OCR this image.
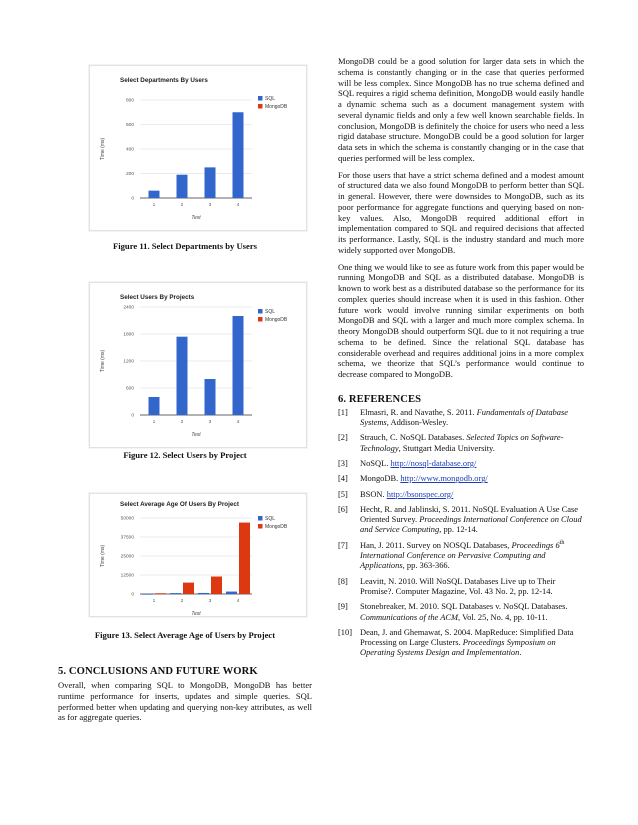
Select Departments By Users
0
200
400
600
800
1	2	3	4
Test
Time (ms)
SQL
MongoDB
Figure 11. Select Departments by Users
Select Users By Projects
0
600
1200
1800
2400
1	2	3	4
Test
Time (ms)
SQL
MongoDB
Figure 12. Select Users by Project
Select Average Age Of Users By Project
0
12500
25000
37500
50000
1	2	3	4
Test
Time (ms)
SQL
MongoDB
Figure 13. Select Average Age of Users by Project
5. CONCLUSIONS AND FUTURE WORK

Overall, when comparing SQL to MongoDB, MongoDB has better runtime performance for inserts, updates and simple queries. SQL performed better when updating and querying non-key attributes, as well as for aggregate queries.

MongoDB could be a good solution for larger data sets in which the schema is constantly changing or in the case that queries performed will be less complex. Since MongoDB has no true schema defined and SQL requires a rigid schema definition, MongoDB would easily handle a dynamic schema such as a document management system with several dynamic fields and only a few well known searchable fields. In conclusion, MongoDB is definitely the choice for users who need a less rigid database structure. MongoDB could be a good solution for larger data sets in which the schema is constantly changing or in the case that queries performed will be less complex.

For those users that have a strict schema defined and a modest amount of structured data we also found MongoDB to perform better than SQL in general. However, there were downsides to MongoDB, such as its poor performance for aggregate functions and querying based on non-key values. Also, MongoDB required additional effort in implementation compared to SQL and required decisions that affected its performance. Lastly, SQL is the industry standard and much more widely supported over MongoDB.

One thing we would like to see as future work from this paper would be running MongoDB and SQL as a distributed database. MongoDB is known to work best as a distributed database so the performance for its complex queries should increase when it is used in this fashion. Other future work would involve running similar experiments on both MongoDB and SQL with a larger and much more complex schema. In theory MongoDB should outperform SQL due to it not requiring a true schema to be defined. Since the relational SQL database has considerable overhead and requires additional joins in a more complex schema, we theorize that SQL’s performance would continue to decrease compared to MongoDB.

6. REFERENCES
[1]	Elmasri, R. and Navathe, S. 2011. Fundamentals of Database Systems, Addison-Wesley.
[2]	Strauch, C. NoSQL Databases. Selected Topics on Software-Technology, Stuttgart Media University.
[3]	NoSQL. http://nosql-database.org/
[4]	MongoDB. http://www.mongodb.org/
[5]	BSON. http://bsonspec.org/
[6]	Hecht, R. and Jablinski, S. 2011. NoSQL Evaluation A Use Case Oriented Survey. Proceedings International Conference on Cloud and Service Computing, pp. 12-14.
[7]	Han, J. 2011. Survey on NOSQL Databases, Proceedings 6th International Conference on Pervasive Computing and Applications, pp. 363-366.
[8]	Leavitt, N. 2010. Will NoSQL Databases Live up to Their Promise?. Computer Magazine, Vol. 43 No. 2, pp. 12-14.
[9]	Stonebreaker, M. 2010. SQL Databases v. NoSQL Databases. Communications of the ACM, Vol. 25, No. 4, pp. 10-11.
[10] Dean, J. and Ghemawat, S. 2004. MapReduce: Simplified Data Processing on Large Clusters. Proceedings Symposium on Operating Systems Design and Implementation.
